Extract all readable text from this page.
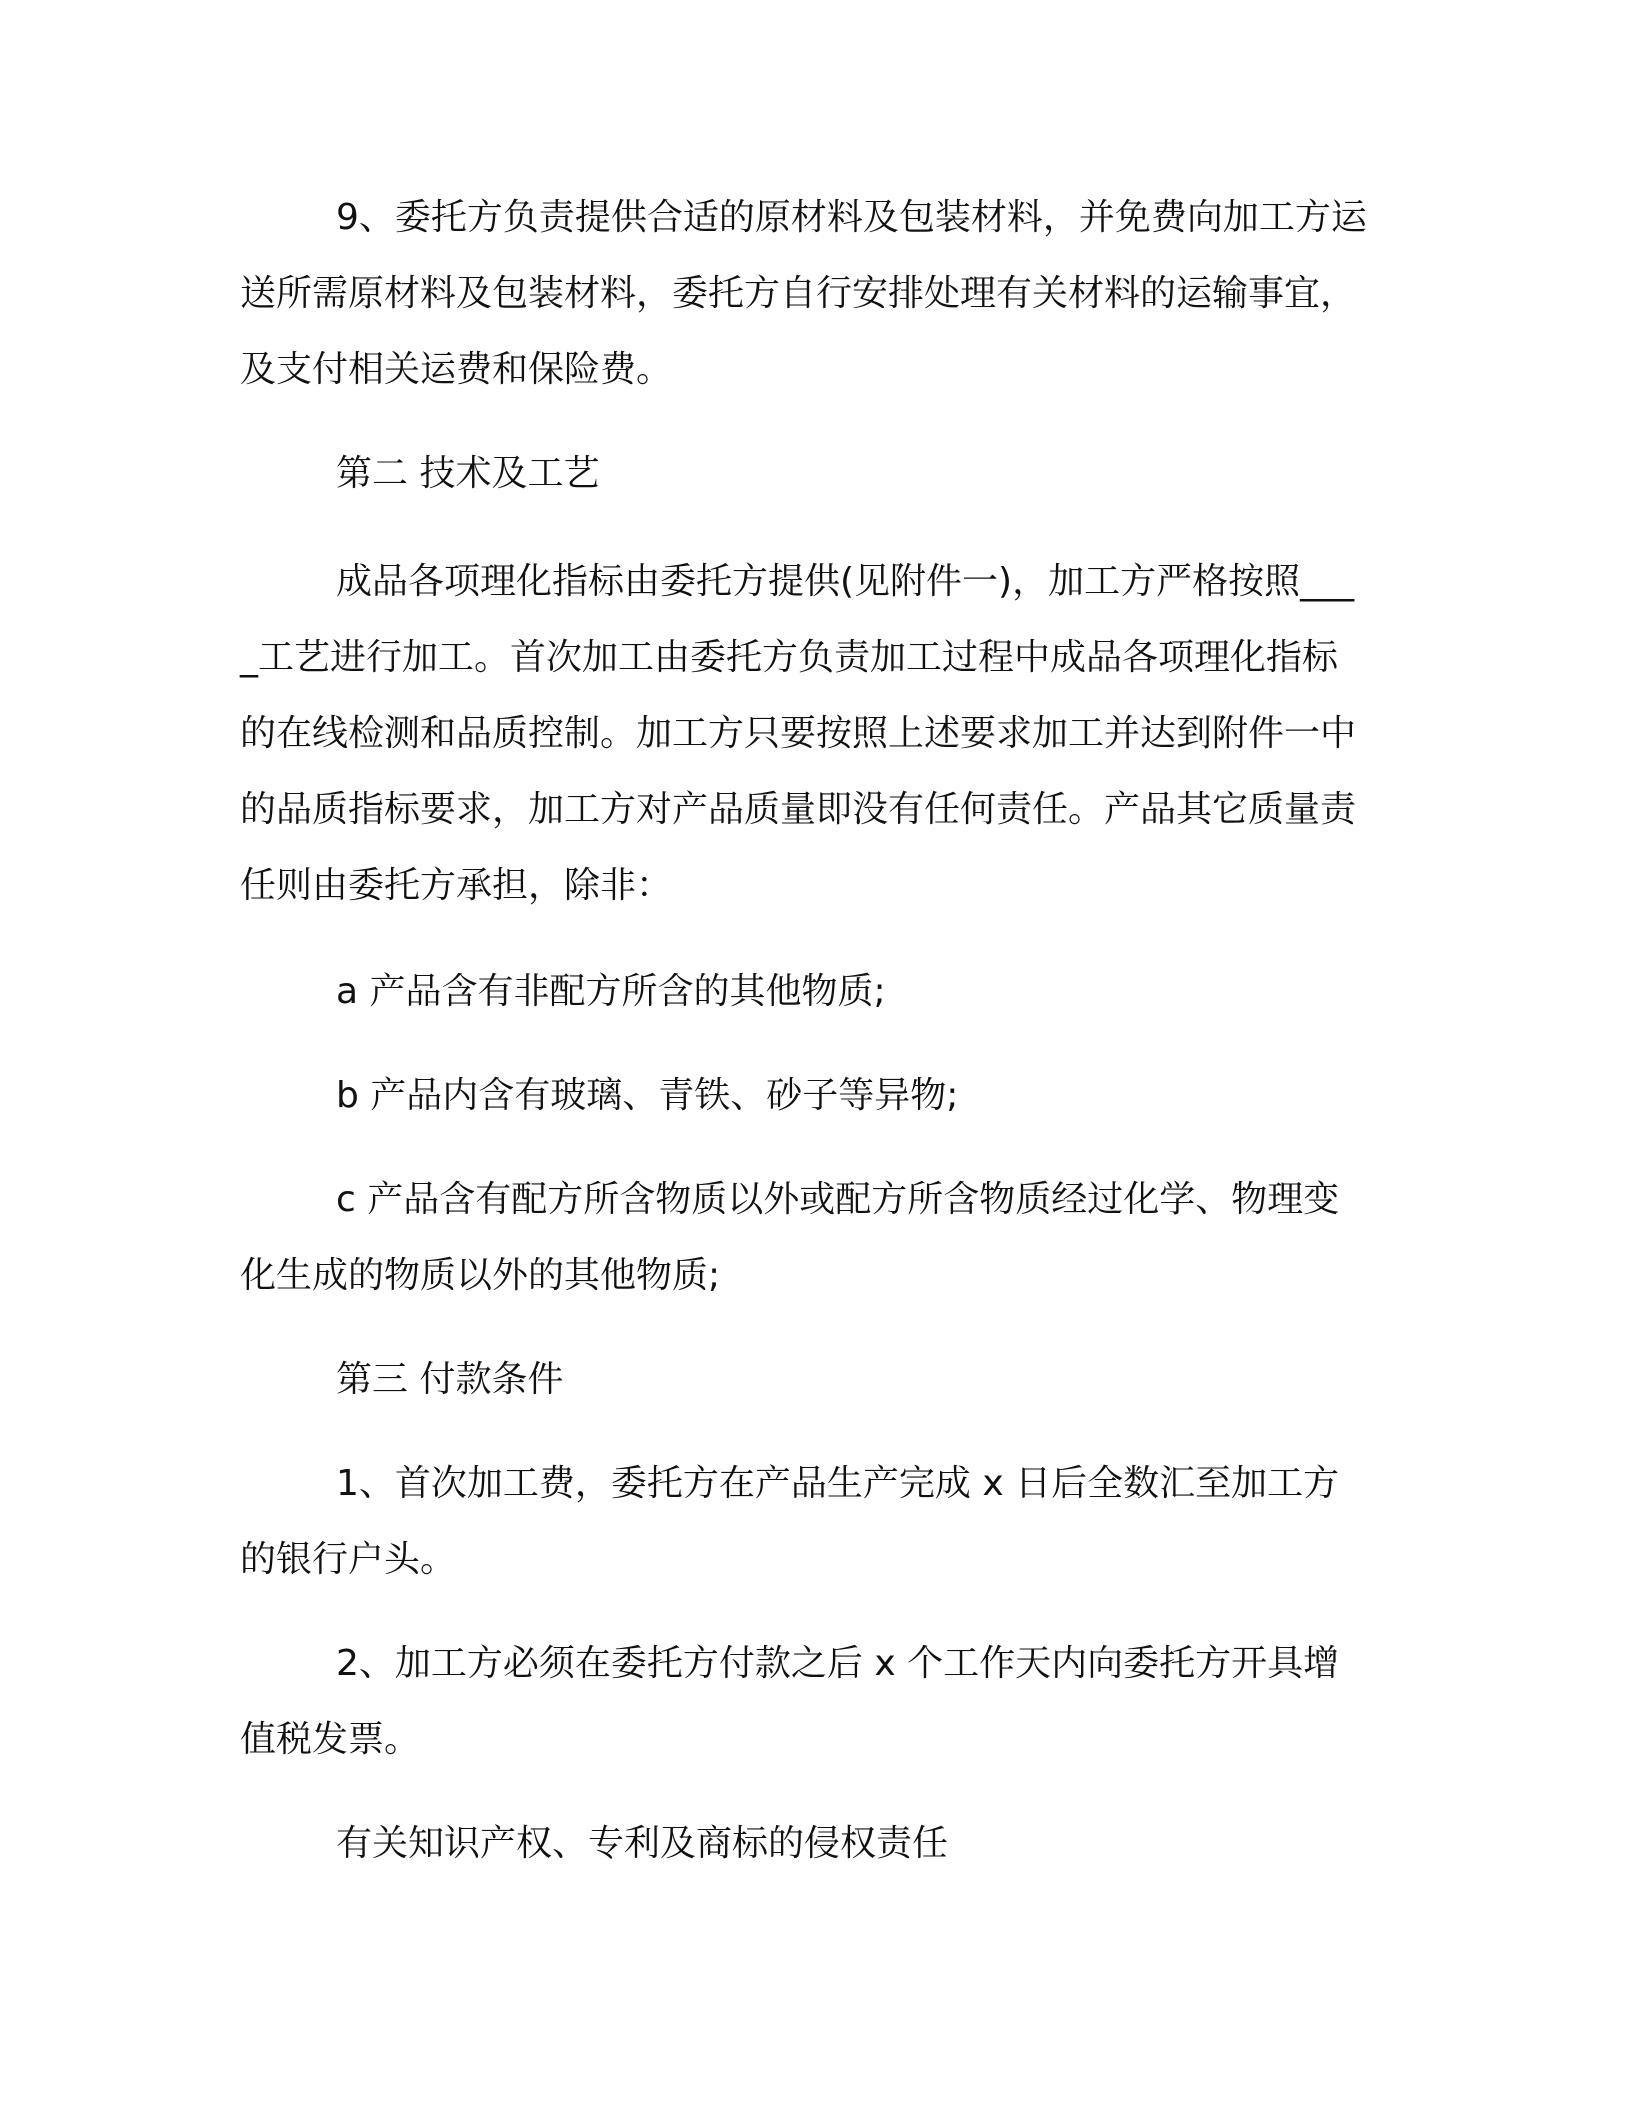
9、委托方负责提供合适的原材料及包装材料，并免费向加工方运送所需原材料及包装材料，委托方自行安排处理有关材料的运输事宜，及支付相关运费和保险费。
第二 技术及工艺
成品各项理化指标由委托方提供(见附件一)，加工方严格按照____工艺进行加工。首次加工由委托方负责加工过程中成品各项理化指标的在线检测和品质控制。加工方只要按照上述要求加工并达到附件一中的品质指标要求，加工方对产品质量即没有任何责任。产品其它质量责任则由委托方承担，除非：
a 产品含有非配方所含的其他物质;
b 产品内含有玻璃、青铁、砂子等异物;
c 产品含有配方所含物质以外或配方所含物质经过化学、物理变化生成的物质以外的其他物质;
第三 付款条件
1、首次加工费，委托方在产品生产完成 x 日后全数汇至加工方的银行户头。
2、加工方必须在委托方付款之后 x 个工作天内向委托方开具增值税发票。
有关知识产权、专利及商标的侵权责任
